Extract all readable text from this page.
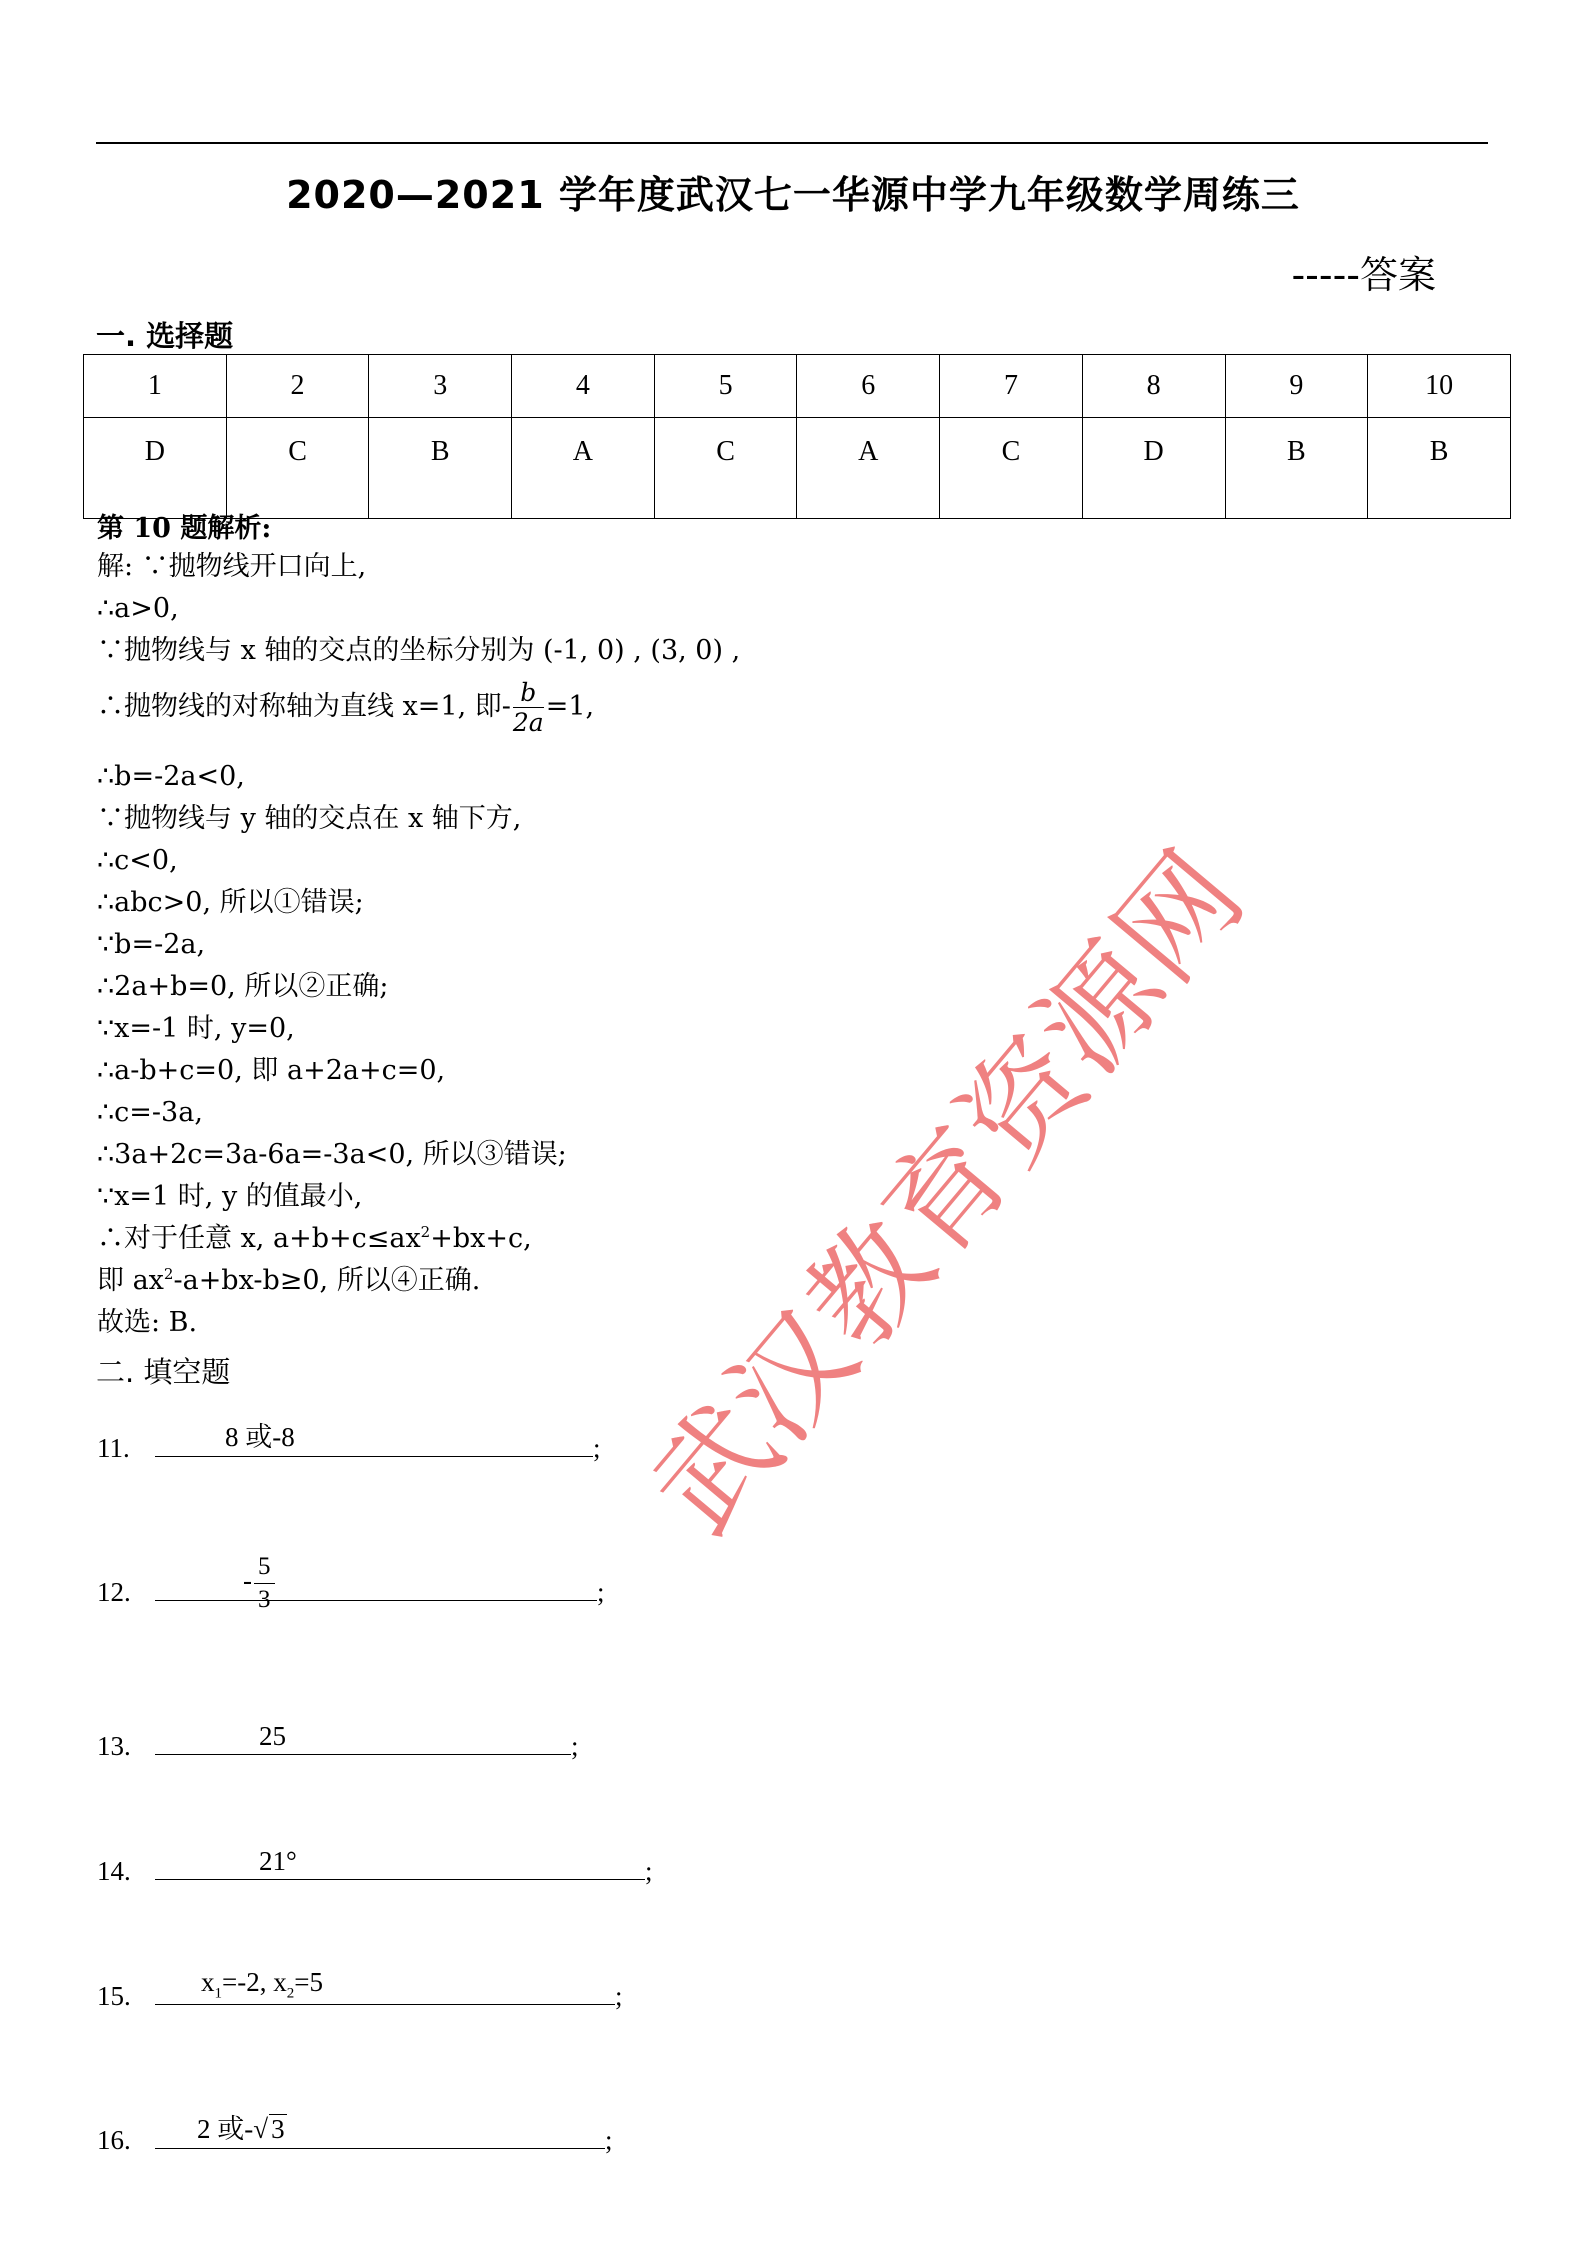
2020—2021 学年度武汉七一华源中学九年级数学周练三
-----答案
一. 选择题
1	2	3	4	5	6	7	8	9	10
D	C	B	A	C	A	C	D	B	B
第 10 题解析:
解: ∵抛物线开口向上,
∴a>0,
∵抛物线与 x 轴的交点的坐标分别为 (-1, 0) , (3, 0) ,
∴抛物线的对称轴为直线 x=1, 即- $\frac{b}{2a} =1$,
∴b=-2a<0,
∵抛物线与 y 轴的交点在 x 轴下方,
∴c<0,
∴abc>0, 所以①错误;
∵b=-2a,
∴2a+b=0, 所以②正确;
∵x=-1 时, y=0,
∴a-b+c=0, 即 a+2a+c=0,
∴c=-3a,
∴3a+2c=3a-6a=-3a<0, 所以③错误;
∵x=1 时, y 的值最小,
∴对于任意 x, $a+b+c\le ax^2+bx+c$,
即 $ax^2-a+bx-b\ge 0$, 所以④正确.
故选: B.
二. 填空题
11.	8 或-8	;
12.	- $\frac{5}{3}$	;
13.	25	;
14.	21°	;
15.	$x_1=-2$, $x_2=5$	;
16. 2 或-√ 3	;
武汉教育资源网
